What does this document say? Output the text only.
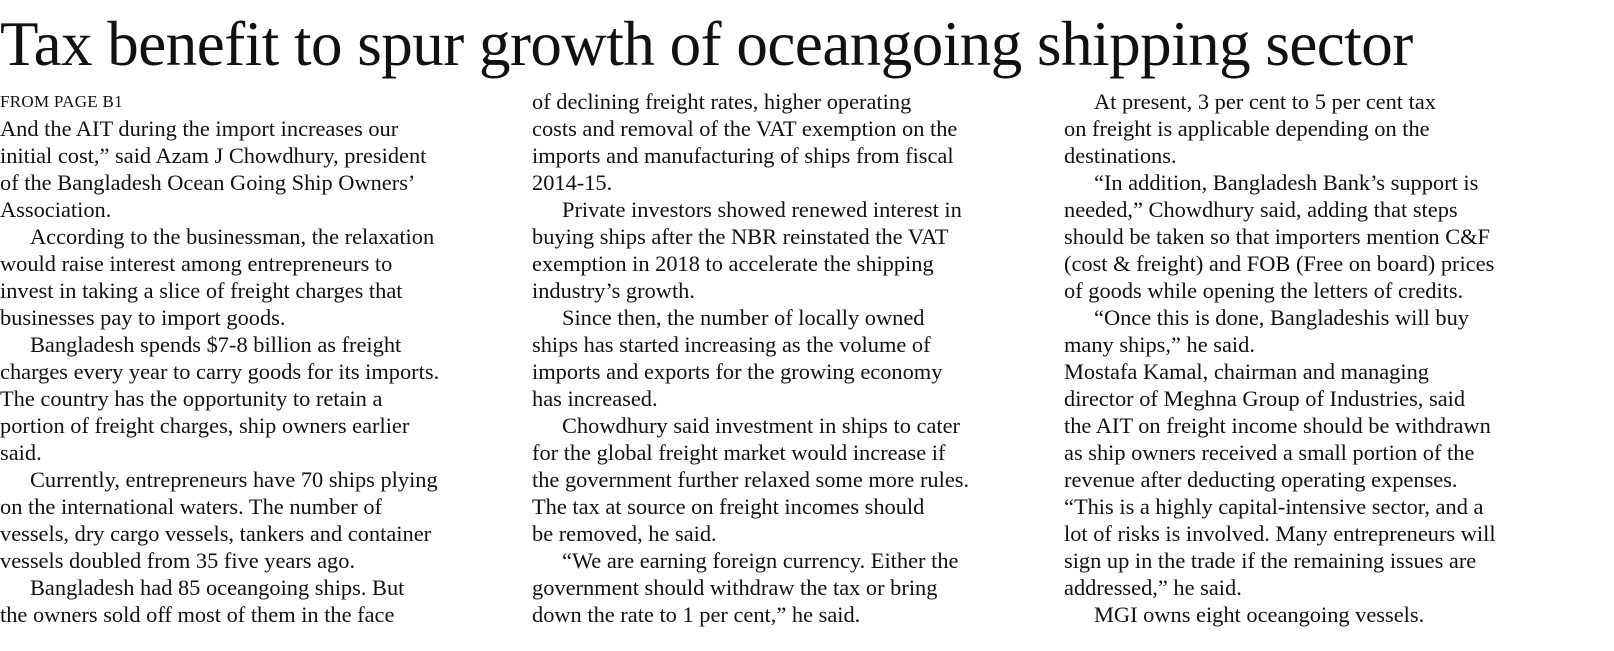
Tax benefit to spur growth of oceangoing shipping sector
FROM PAGE B1

And the AIT during the import increases our
initial cost,” said Azam J Chowdhury, president
of the Bangladesh Ocean Going Ship Owners’
Association.

According to the businessman, the relaxation
would raise interest among entrepreneurs to
invest in taking a slice of freight charges that
businesses pay to import goods.

Bangladesh spends $7-8 billion as freight
charges every year to carry goods for its imports.
The country has the opportunity to retain a
portion of freight charges, ship owners earlier
said.

Currently, entrepreneurs have 70 ships plying
on the international waters. The number of
vessels, dry cargo vessels, tankers and container
vessels doubled from 35 five years ago.

Bangladesh had 85 oceangoing ships. But
the owners sold off most of them in the face

of declining freight rates, higher operating
costs and removal of the VAT exemption on the
imports and manufacturing of ships from fiscal
2014-15.

Private investors showed renewed interest in
buying ships after the NBR reinstated the VAT
exemption in 2018 to accelerate the shipping
industry’s growth.

Since then, the number of locally owned
ships has started increasing as the volume of
imports and exports for the growing economy
has increased.

Chowdhury said investment in ships to cater
for the global freight market would increase if
the government further relaxed some more rules.

The tax at source on freight incomes should
be removed, he said.

“We are earning foreign currency. Either the
government should withdraw the tax or bring
down the rate to 1 per cent,” he said.

At present, 3 per cent to 5 per cent tax
on freight is applicable depending on the
destinations.

“In addition, Bangladesh Bank’s support is
needed,” Chowdhury said, adding that steps
should be taken so that importers mention C&F
(cost & freight) and FOB (Free on board) prices
of goods while opening the letters of credits.

“Once this is done, Bangladeshis will buy
many ships,” he said.

Mostafa Kamal, chairman and managing
director of Meghna Group of Industries, said
the AIT on freight income should be withdrawn
as ship owners received a small portion of the
revenue after deducting operating expenses.

“This is a highly capital-intensive sector, and a
lot of risks is involved. Many entrepreneurs will
sign up in the trade if the remaining issues are
addressed,” he said.

MGI owns eight oceangoing vessels.
